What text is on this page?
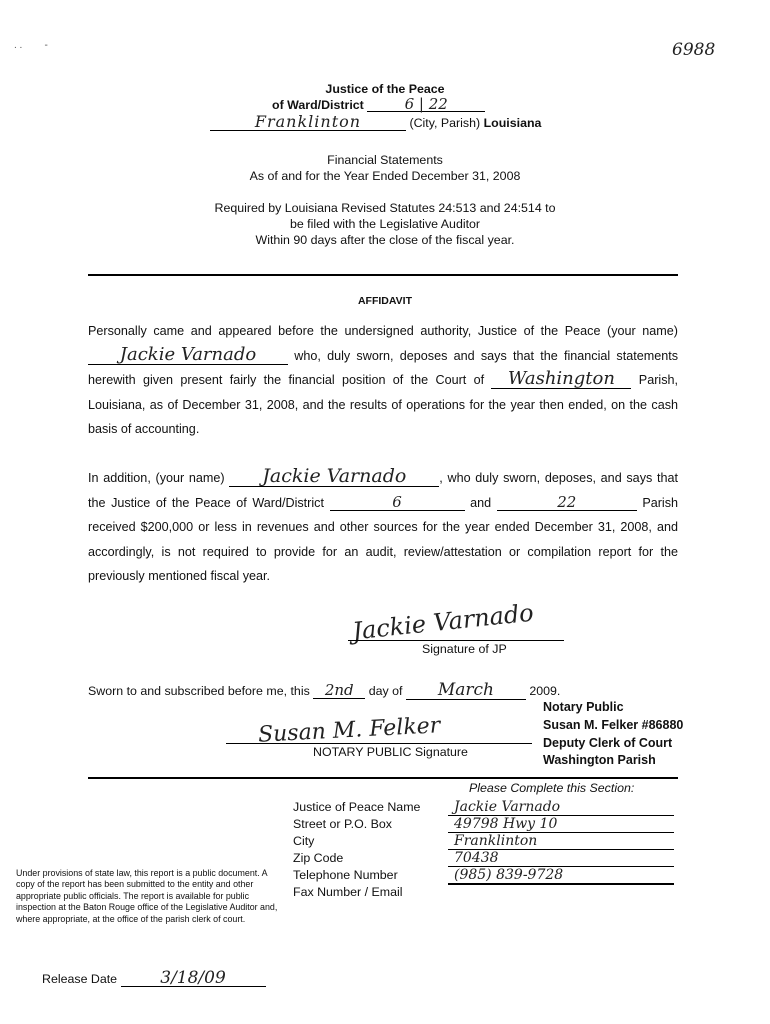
6988
. .        -
Justice of the Peace
of Ward/District	6 | 22
Franklinton	(City, Parish) Louisiana
Financial Statements
As of and for the Year Ended December 31, 2008
Required by Louisiana Revised Statutes 24:513 and 24:514 to
be filed with the Legislative Auditor
Within 90 days after the close of the fiscal year.
AFFIDAVIT
Personally came and appeared before the undersigned authority, Justice of the Peace (your name) Jackie Varnado	who, duly sworn, deposes and says that the financial statements herewith given present fairly the financial position of the Court of Washington Parish, Louisiana, as of December 31, 2008, and the results of operations for the year then ended, on the cash basis of accounting.
In addition, (your name) Jackie Varnado	, who duly sworn, deposes, and says that the Justice of the Peace of Ward/District	6	and	22	Parish received $200,000 or less in revenues and other sources for the year ended December 31, 2008, and accordingly, is not required to provide for an audit, review/attestation or compilation report for the previously mentioned fiscal year.
Jackie Varnado
Signature of JP
Sworn to and subscribed before me, this 2nd day of March	2009.
Susan M. Felker
NOTARY PUBLIC Signature
Notary Public
Susan M. Felker #86880
Deputy Clerk of Court
Washington Parish
Please Complete this Section:
Justice of Peace Name	Jackie Varnado
Street or P.O. Box	49798 Hwy 10
City	Franklinton
Zip Code	70438
Telephone Number	(985) 839-9728
Fax Number / Email
Under provisions of state law, this report is a public document. A copy of the report has been submitted to the entity and other appropriate public officials. The report is available for public inspection at the Baton Rouge office of the Legislative Auditor and, where appropriate, at the office of the parish clerk of court.
Release Date	3/18/09
